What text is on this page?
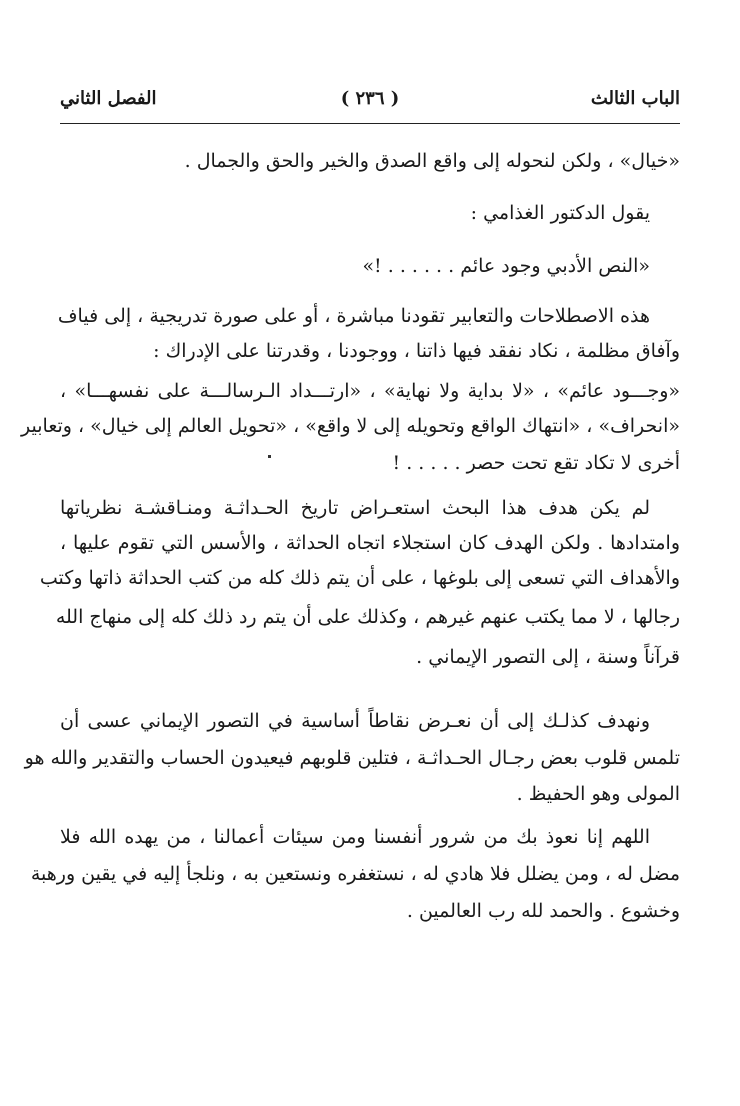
الباب الثالث
( ٢٣٦ )
الفصل الثاني
«خيال» ، ولكن لنحوله إلى واقع الصدق والخير والحق والجمال .
يقول الدكتور الغذامي :
«النص الأدبي وجود عائم . . . . . . !»
هذه الاصطلاحات والتعابير تقودنا مباشرة ، أو على صورة تدريجية ، إلى فياف
وآفاق مظلمة ، نكاد نفقد فيها ذاتنا ، ووجودنا ، وقدرتنا على الإدراك :
«وجـــود عائم» ، «لا بداية ولا نهاية» ، «ارتـــداد الـرسالـــة على نفسهـــا» ،
«انحراف» ، «انتهاك الواقع وتحويله إلى لا واقع» ، «تحويل العالم إلى خيال» ، وتعابير
أخرى لا تكاد تقع تحت حصر . . . . . !
لم يكن هدف هذا البحث استعـراض تاريخ الحـداثـة ومنـاقشـة نظرياتها
وامتدادها . ولكن الهدف كان استجلاء اتجاه الحداثة ، والأسس التي تقوم عليها ،
والأهداف التي تسعى إلى بلوغها ، على أن يتم ذلك كله من كتب الحداثة ذاتها وكتب
رجالها ، لا مما يكتب عنهم غيرهم ، وكذلك على أن يتم رد ذلك كله إلى منهاج الله
قرآناً وسنة ، إلى التصور الإيماني .
ونهدف كذلـك إلى أن نعـرض نقاطاً أساسية في التصور الإيماني عسى أن
تلمس قلوب بعض رجـال الحـداثـة ، فتلين قلوبهم فيعيدون الحساب والتقدير والله هو
المولى وهو الحفيظ .
اللهم إنا نعوذ بك من شرور أنفسنا ومن سيئات أعمالنا ، من يهده الله فلا
مضل له ، ومن يضلل فلا هادي له ، نستغفره ونستعين به ، ونلجأ إليه في يقين ورهبة
وخشوع . والحمد لله رب العالمين .
